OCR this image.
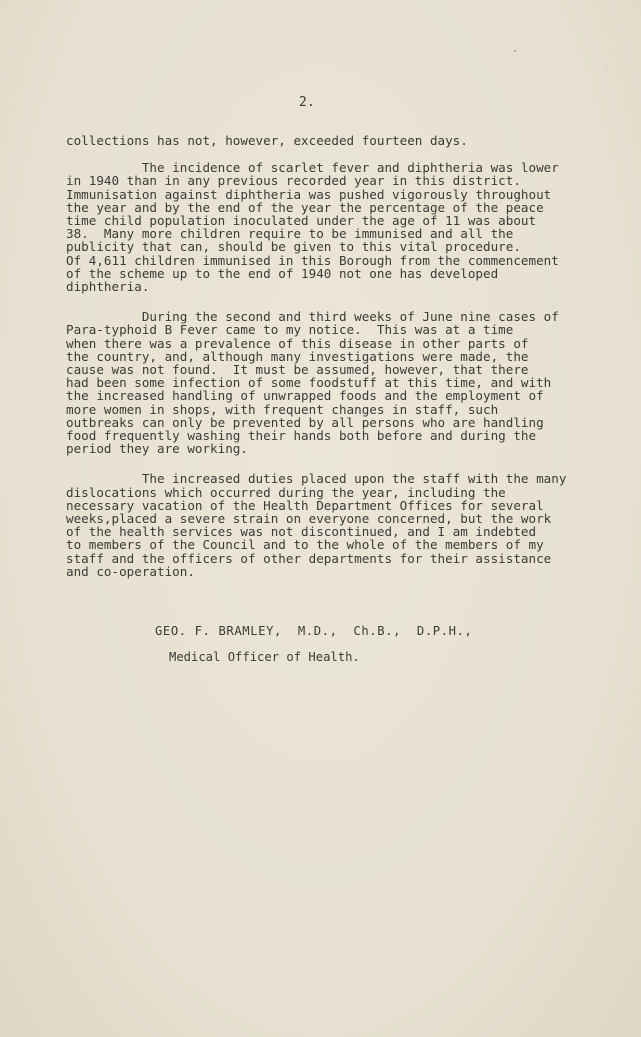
2.

collections has not, however, exceeded fourteen days.

The incidence of scarlet fever and diphtheria was lower
in 1940 than in any previous recorded year in this district.
Immunisation against diphtheria was pushed vigorously throughout
the year and by the end of the year the percentage of the peace
time child population inoculated under the age of 11 was about
38.  Many more children require to be immunised and all the
publicity that can, should be given to this vital procedure.
Of 4,611 children immunised in this Borough from the commencement
of the scheme up to the end of 1940 not one has developed
diphtheria.

During the second and third weeks of June nine cases of
Para-typhoid B Fever came to my notice.  This was at a time
when there was a prevalence of this disease in other parts of
the country, and, although many investigations were made, the
cause was not found.  It must be assumed, however, that there
had been some infection of some foodstuff at this time, and with
the increased handling of unwrapped foods and the employment of
more women in shops, with frequent changes in staff, such
outbreaks can only be prevented by all persons who are handling
food frequently washing their hands both before and during the
period they are working.

The increased duties placed upon the staff with the many
dislocations which occurred during the year, including the
necessary vacation of the Health Department Offices for several
weeks,placed a severe strain on everyone concerned, but the work
of the health services was not discontinued, and I am indebted
to members of the Council and to the whole of the members of my
staff and the officers of other departments for their assistance
and co-operation.

GEO. F. BRAMLEY,  M.D.,  Ch.B.,  D.P.H.,
Medical Officer of Health.
